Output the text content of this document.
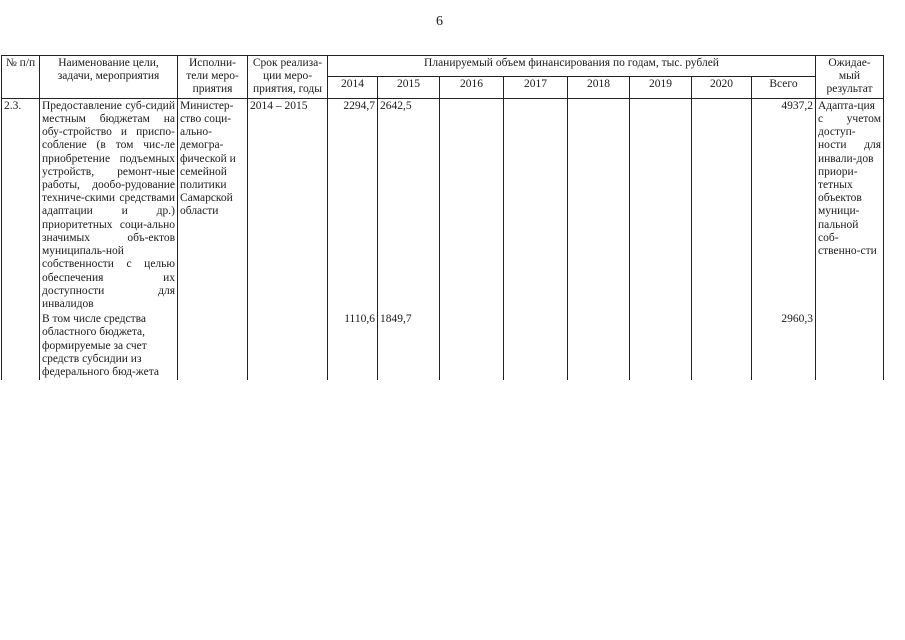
6
№ п/п	Наименование цели, задачи, мероприятия	Исполни-тели меро-приятия	Срок реализа-ции меро-приятия, годы	Планируемый объем финансирования по годам, тыс. рублей								Ожидае-мый результат
				2014	2015	2016	2017	2018	2019	2020	Всего	
2.3.	Предоставление суб-сидий местным бюджетам на обу-стройство и приспо-собление (в том чис-ле приобретение подъемных устройств, ремонт-ные работы, дообо-рудование техниче-скими средствами адаптации и др.) приоритетных соци-ально значимых объ-ектов муниципаль-ной собственности с целью обеспечения их доступности для инвалидов	Министер-ство соци-ально-демогра-фической и семейной политики Самарской области	2014 – 2015	2294,7	2642,5						4937,2	Адапта-ция с учетом доступ-ности для инвали-дов приори-тетных объектов муници-пальной соб-ственно-сти
	В том числе средства областного бюджета, формируемые за счет средств субсидии из федерального бюд-жета			1110,6	1849,7						2960,3	
